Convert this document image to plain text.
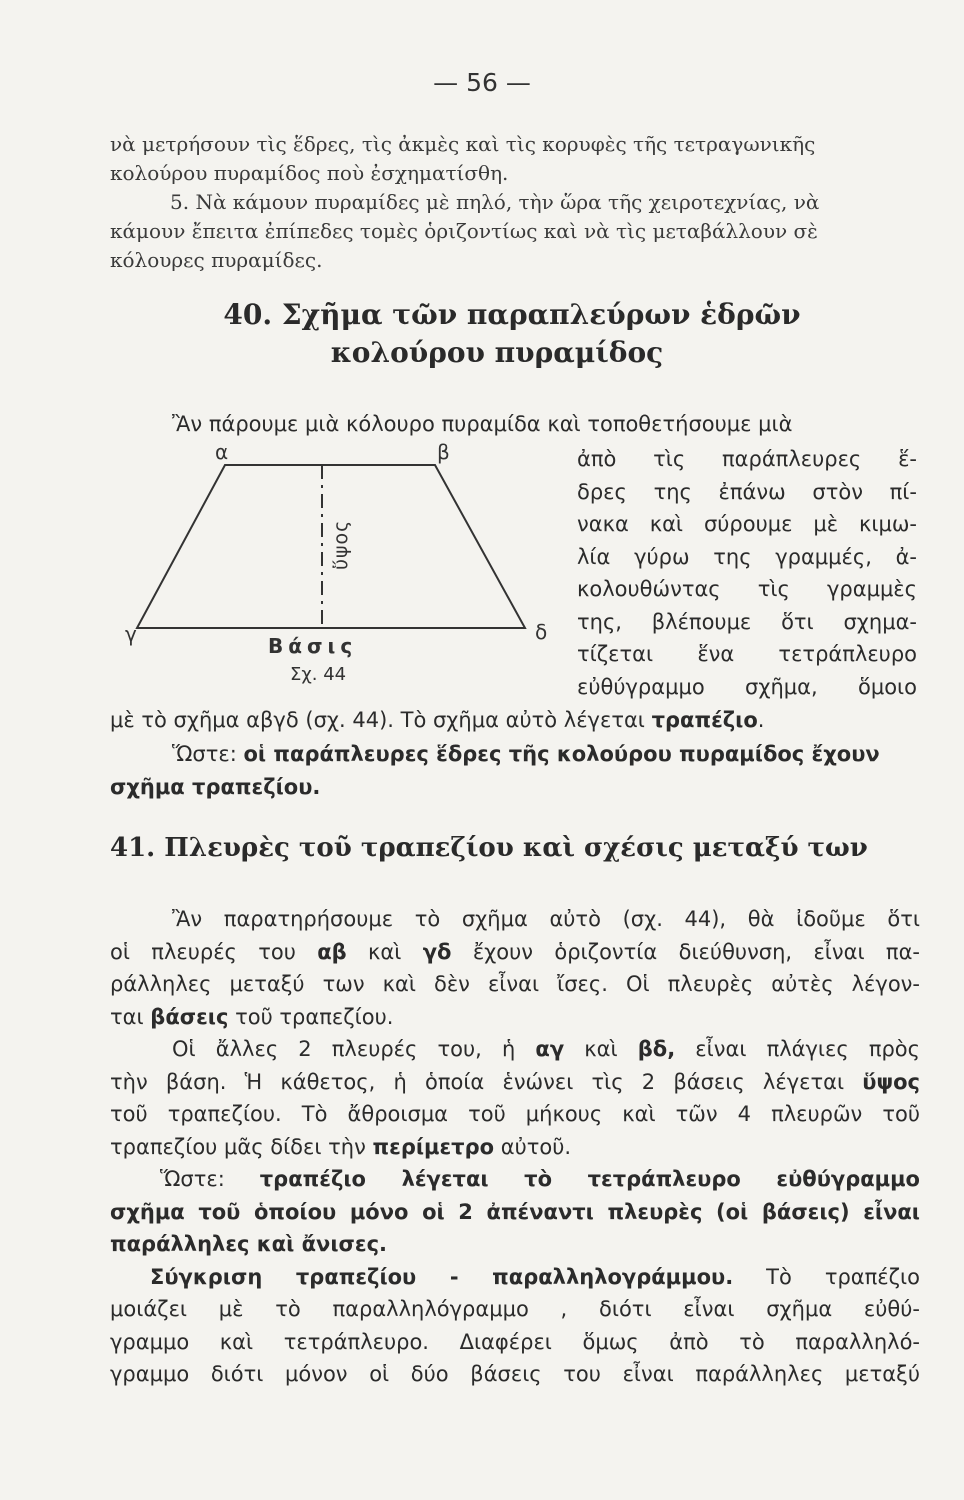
— 56 —

νὰ μετρήσουν τὶς ἕδρες, τὶς ἀκμὲς καὶ τὶς κορυφὲς τῆς τετραγωνικῆς

κολούρου πυραμίδος ποὺ ἐσχηματίσθη.

5. Νὰ κάμουν πυραμίδες μὲ πηλό, τὴν ὥρα τῆς χειροτεχνίας, νὰ

κάμουν ἔπειτα ἐπίπεδες τομὲς ὁριζοντίως καὶ νὰ τὶς μεταβάλλουν σὲ

κόλουρες πυραμίδες.

40. Σχῆμα τῶν παραπλεύρων ἑδρῶν
κολούρου πυραμίδος
Ἂν πάρουμε μιὰ κόλουρο πυραμίδα καὶ τοποθετήσουμε μιὰ

ἀπὸ τὶς παράπλευρες ἕ-

δρες της ἐπάνω στὸν πί-

νακα καὶ σύρουμε μὲ κιμω-

λία γύρω της γραμμές, ἀ-

κολουθώντας τὶς γραμμὲς

της, βλέπουμε ὅτι σχημα-

τίζεται ἕνα τετράπλευρο

εὐθύγραμμο σχῆμα, ὅμοιο

α	β
γ	δ
ὕψος
Βάσις
Σχ. 44
μὲ τὸ σχῆμα αβγδ (σχ. 44). Τὸ σχῆμα αὐτὸ λέγεται τραπέζιο.

Ὥστε: οἱ παράπλευρες ἕδρες τῆς κολούρου πυραμίδος ἔχουν

σχῆμα τραπεζίου.

41. Πλευρὲς τοῦ τραπεζίου καὶ σχέσις μεταξύ των

Ἂν παρατηρήσουμε τὸ σχῆμα αὐτὸ (σχ. 44), θὰ ἰδοῦμε ὅτι

οἱ πλευρές του αβ καὶ γδ ἔχουν ὁριζοντία διεύθυνση, εἶναι πα-

ράλληλες μεταξύ των καὶ δὲν εἶναι ἴσες. Οἱ πλευρὲς αὐτὲς λέγον-

ται βάσεις τοῦ τραπεζίου.

Οἱ ἄλλες 2 πλευρές του, ἡ αγ καὶ βδ, εἶναι πλάγιες πρὸς

τὴν βάση. Ἡ κάθετος, ἡ ὁποία ἑνώνει τὶς 2 βάσεις λέγεται ὕψος

τοῦ τραπεζίου. Τὸ ἄθροισμα τοῦ μήκους καὶ τῶν 4 πλευρῶν τοῦ

τραπεζίου μᾶς δίδει τὴν περίμετρο αὐτοῦ.

Ὥστε: τραπέζιο λέγεται τὸ τετράπλευρο εὐθύγραμμο

σχῆμα τοῦ ὁποίου μόνο οἱ 2 ἀπέναντι πλευρὲς (οἱ βάσεις) εἶναι

παράλληλες καὶ ἄνισες.

Σύγκριση τραπεζίου - παραλληλογράμμου. Τὸ τραπέζιο

μοιάζει μὲ τὸ παραλληλόγραμμο , διότι εἶναι σχῆμα εὐθύ-

γραμμο καὶ τετράπλευρο. Διαφέρει ὅμως ἀπὸ τὸ παραλληλό-

γραμμο διότι μόνον οἱ δύο βάσεις του εἶναι παράλληλες μεταξύ
